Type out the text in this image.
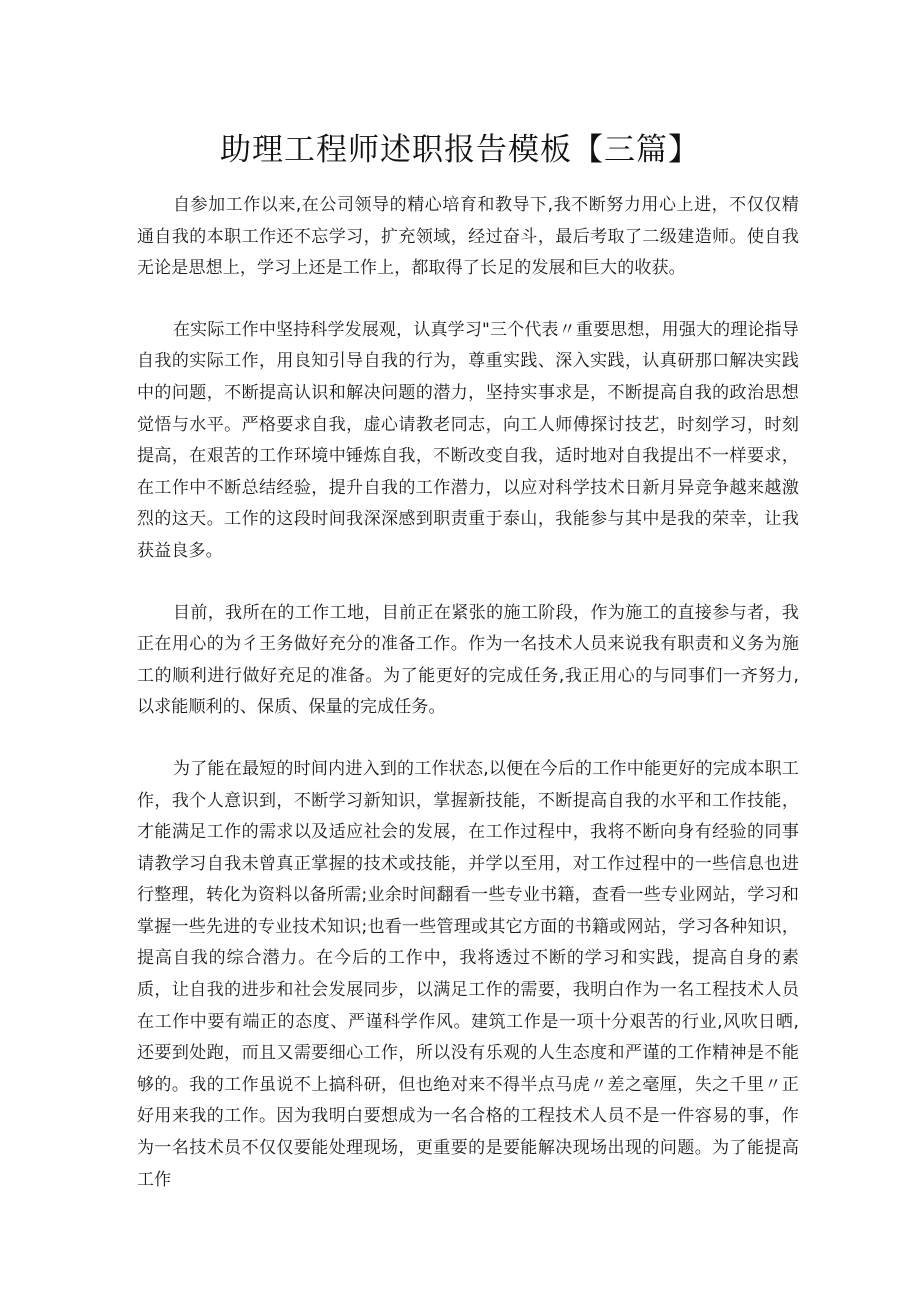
助理工程师述职报告模板【三篇】

自参加工作以来,在公司领导的精心培育和教导下,我不断努力用心上进，不仅仅精通自我的本职工作还不忘学习，扩充领域，经过奋斗，最后考取了二级建造师。使自我无论是思想上，学习上还是工作上，都取得了长足的发展和巨大的收获。

在实际工作中坚持科学发展观，认真学习"三个代表〃重要思想，用强大的理论指导自我的实际工作，用良知引导自我的行为，尊重实践、深入实践，认真研那口解决实践中的问题，不断提高认识和解决问题的潜力，坚持实事求是，不断提高自我的政治思想觉悟与水平。严格要求自我，虚心请教老同志，向工人师傅探讨技艺，时刻学习，时刻提高，在艰苦的工作环境中锤炼自我，不断改变自我，适时地对自我提出不一样要求，在工作中不断总结经验，提升自我的工作潜力，以应对科学技术日新月异竞争越来越激烈的这天。工作的这段时间我深深感到职责重于泰山，我能参与其中是我的荣幸，让我获益良多。

目前，我所在的工作工地，目前正在紧张的施工阶段，作为施工的直接参与者，我正在用心的为彳王务做好充分的准备工作。作为一名技术人员来说我有职责和义务为施工的顺利进行做好充足的准备。为了能更好的完成任务,我正用心的与同事们一齐努力,以求能顺利的、保质、保量的完成任务。

为了能在最短的时间内进入到的工作状态,以便在今后的工作中能更好的完成本职工作，我个人意识到，不断学习新知识，掌握新技能，不断提高自我的水平和工作技能，才能满足工作的需求以及适应社会的发展，在工作过程中，我将不断向身有经验的同事请教学习自我未曾真正掌握的技术或技能，并学以至用，对工作过程中的一些信息也进行整理，转化为资料以备所需;业余时间翻看一些专业书籍，查看一些专业网站，学习和掌握一些先进的专业技术知识;也看一些管理或其它方面的书籍或网站，学习各种知识，提高自我的综合潜力。在今后的工作中，我将透过不断的学习和实践，提高自身的素质，让自我的进步和社会发展同步，以满足工作的需要，我明白作为一名工程技术人员在工作中要有端正的态度、严谨科学作风。建筑工作是一项十分艰苦的行业,风吹日晒,还要到处跑，而且又需要细心工作，所以没有乐观的人生态度和严谨的工作精神是不能够的。我的工作虽说不上搞科研，但也绝对来不得半点马虎〃差之毫厘，失之千里〃正好用来我的工作。因为我明白要想成为一名合格的工程技术人员不是一件容易的事，作为一名技术员不仅仅要能处理现场，更重要的是要能解决现场出现的问题。为了能提高工作
